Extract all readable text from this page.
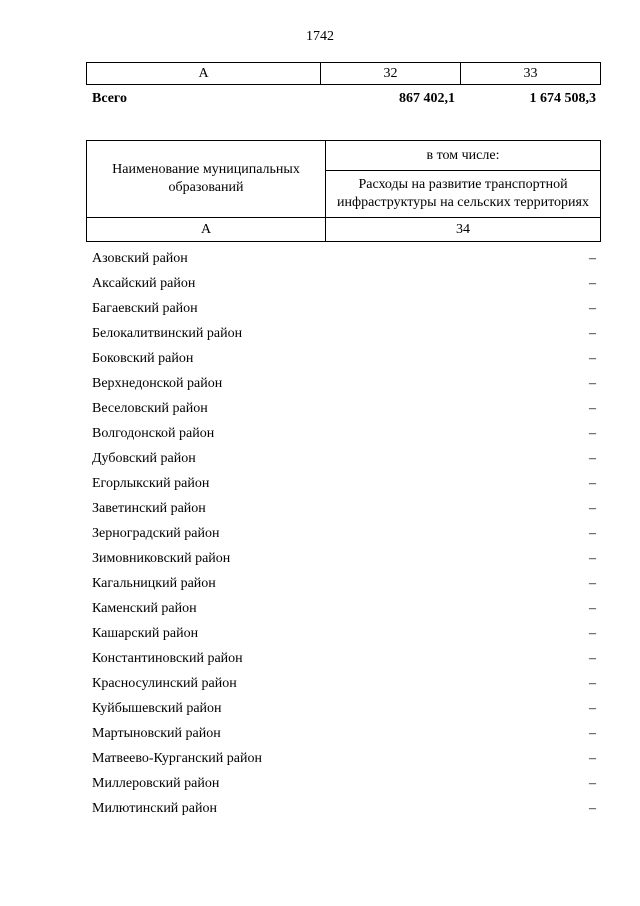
1742
А	32	33
Всего	867 402,1	1 674 508,3
Наименование муниципальных образований	в том числе:
	Расходы на развитие транспортной инфраструктуры на сельских территориях
А	34
Азовский район	–
Аксайский район	–
Багаевский район	–
Белокалитвинский район	–
Боковский район	–
Верхнедонской район	–
Веселовский район	–
Волгодонской район	–
Дубовский район	–
Егорлыкский район	–
Заветинский район	–
Зерноградский район	–
Зимовниковский район	–
Кагальницкий район	–
Каменский район	–
Кашарский район	–
Константиновский район	–
Красносулинский район	–
Куйбышевский район	–
Мартыновский район	–
Матвеево-Курганский район	–
Миллеровский район	–
Милютинский район	–
